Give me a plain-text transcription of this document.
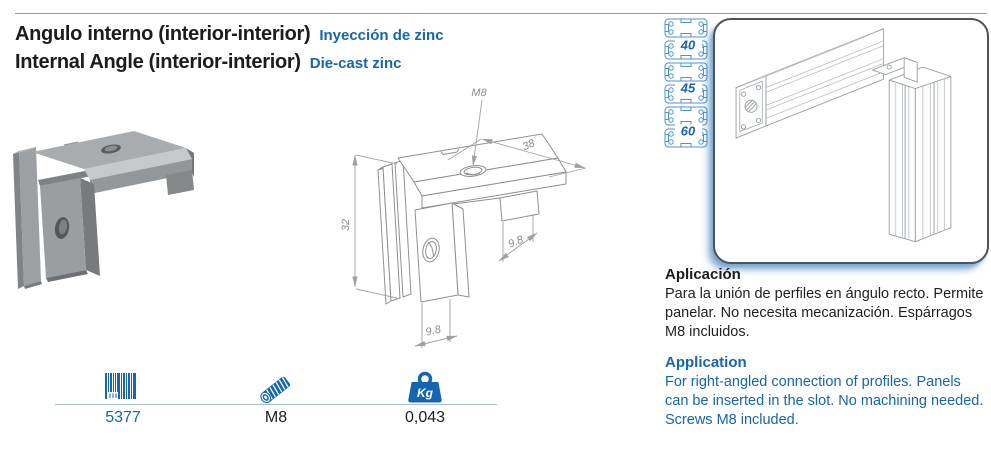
Angulo interno (interior-interior) Inyección de zinc
Internal Angle (interior-interior) Die-cast zinc
32
38
9.8
9.8
M8
40
45
60
Aplicación
Para la unión de perfiles en ángulo recto. Permite
panelar. No necesita mecanización. Espárragos
M8 incluidos.
Application
For right-angled connection of profiles. Panels
can be inserted in the slot. No machining needed.
Screws M8 included.
Kg
5377	M8	0,043
